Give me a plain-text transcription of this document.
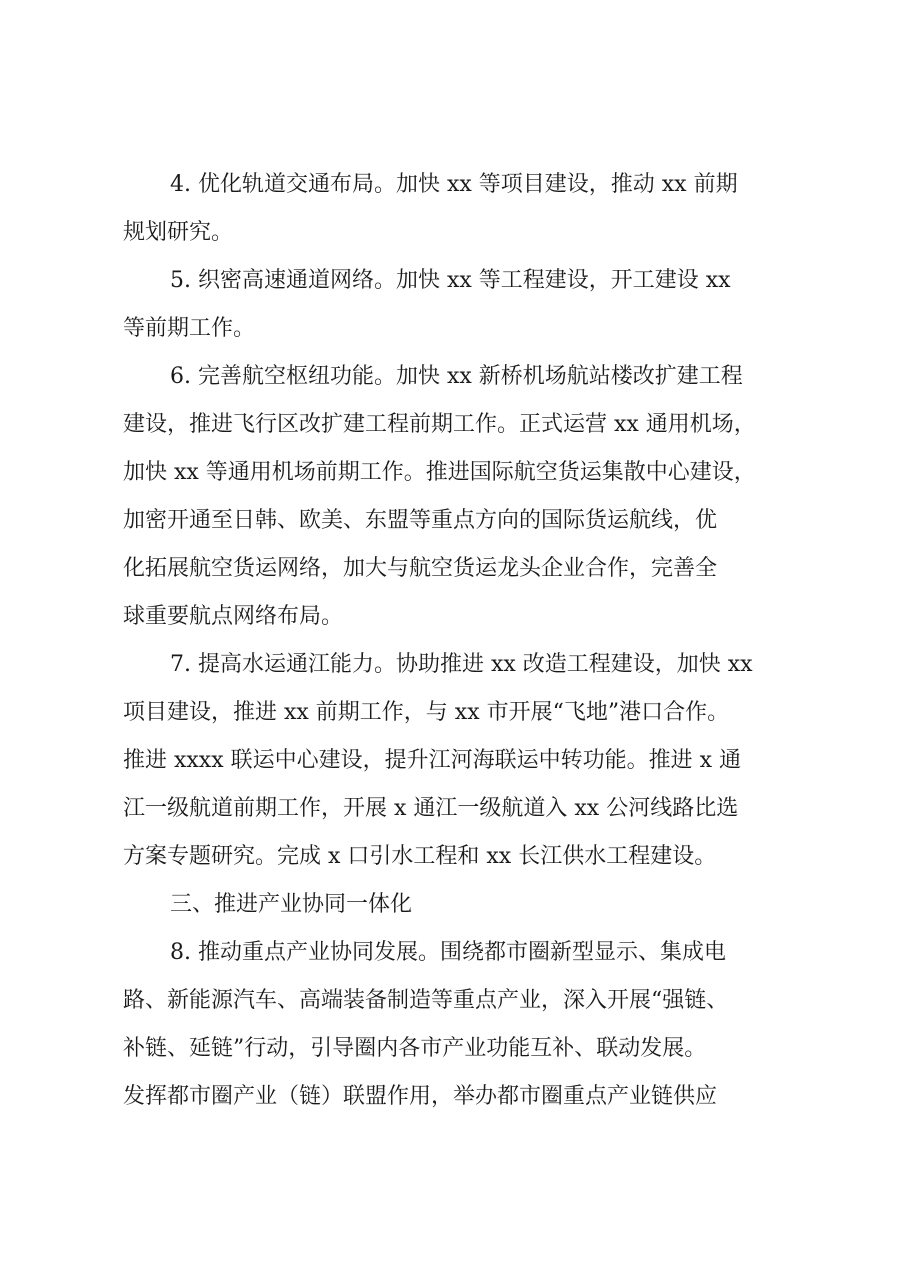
4. 优化轨道交通布局。加快 xx 等项目建设，推动 xx 前期
规划研究。
5. 织密高速通道网络。加快 xx 等工程建设，开工建设 xx
等前期工作。
6. 完善航空枢纽功能。加快 xx 新桥机场航站楼改扩建工程
建设，推进飞行区改扩建工程前期工作。正式运营 xx 通用机场，
加快 xx 等通用机场前期工作。推进国际航空货运集散中心建设，
加密开通至日韩、欧美、东盟等重点方向的国际货运航线，优
化拓展航空货运网络，加大与航空货运龙头企业合作，完善全
球重要航点网络布局。
7. 提高水运通江能力。协助推进 xx 改造工程建设，加快 xx
项目建设，推进 xx 前期工作，与 xx 市开展“飞地”港口合作。
推进 xxxx 联运中心建设，提升江河海联运中转功能。推进 x 通
江一级航道前期工作，开展 x 通江一级航道入 xx 公河线路比选
方案专题研究。完成 x 口引水工程和 xx 长江供水工程建设。
三、推进产业协同一体化
8. 推动重点产业协同发展。围绕都市圈新型显示、集成电
路、新能源汽车、高端装备制造等重点产业，深入开展“强链、
补链、延链”行动，引导圈内各市产业功能互补、联动发展。
发挥都市圈产业（链）联盟作用，举办都市圈重点产业链供应
